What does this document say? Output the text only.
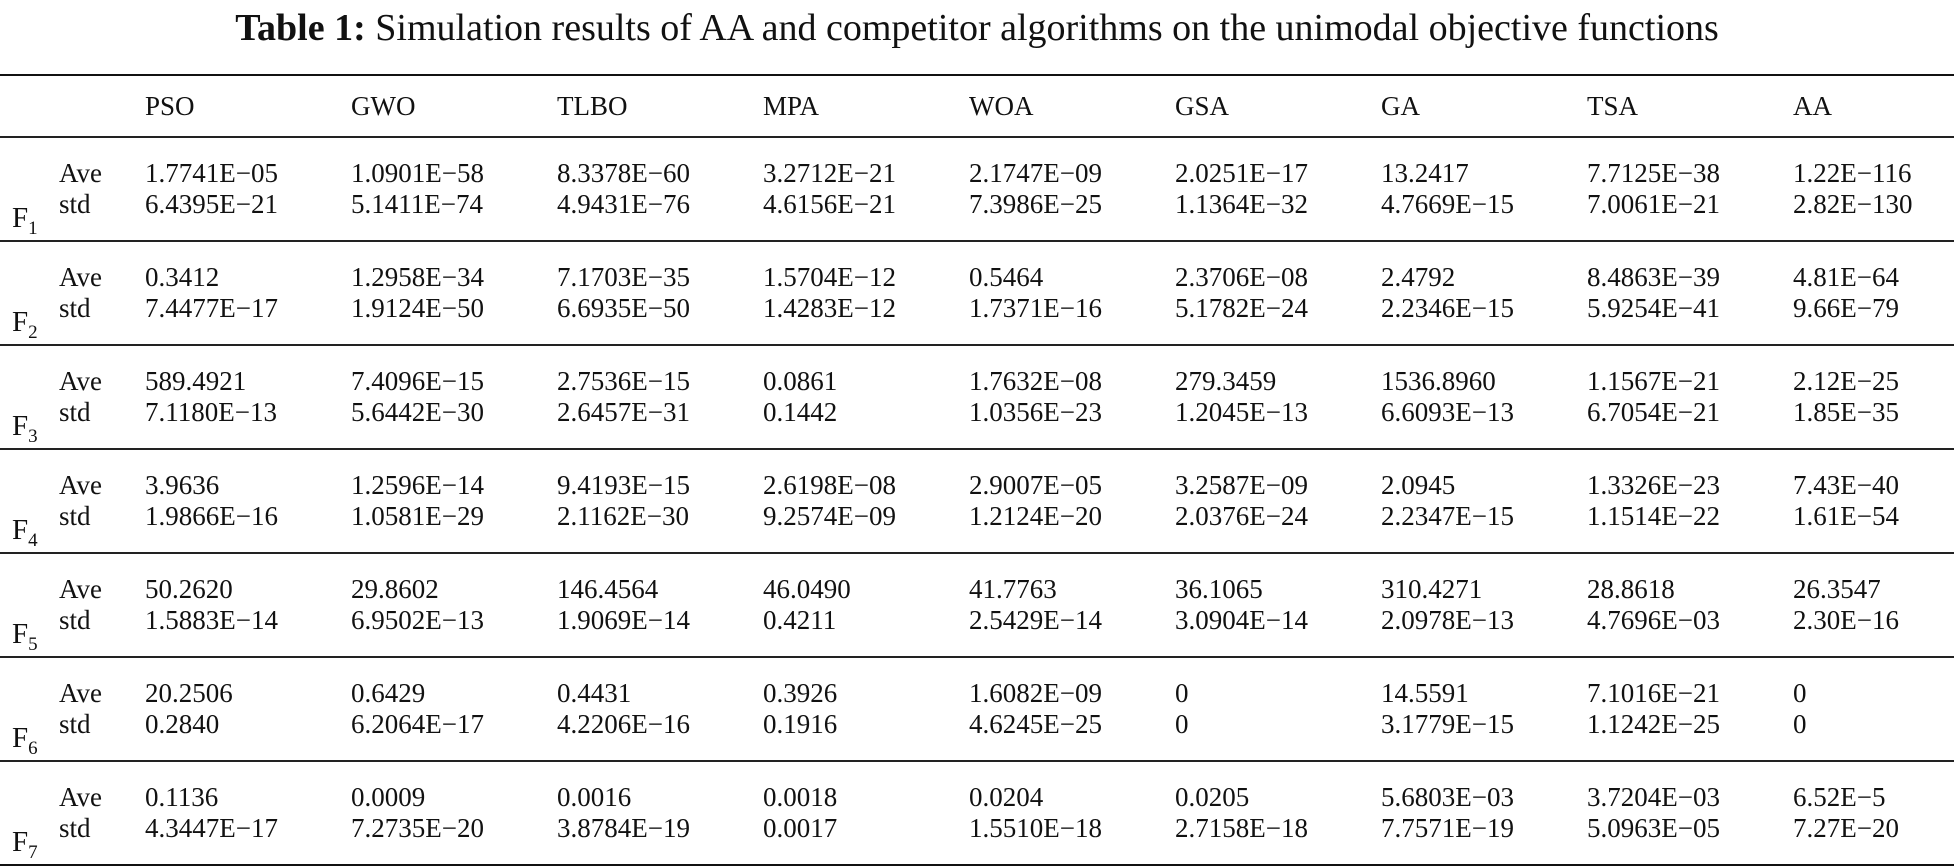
Table 1: Simulation results of AA and competitor algorithms on the unimodal objective functions
		PSO	GWO	TLBO	MPA	WOA	GSA	GA	TSA	AA
$F_1$	Ave	1.7741E−05	1.0901E−58	8.3378E−60	3.2712E−21	2.1747E−09	2.0251E−17	13.2417	7.7125E−38	1.22E−116
	std	6.4395E−21	5.1411E−74	4.9431E−76	4.6156E−21	7.3986E−25	1.1364E−32	4.7669E−15	7.0061E−21	2.82E−130
$F_2$	Ave	0.3412	1.2958E−34	7.1703E−35	1.5704E−12	0.5464	2.3706E−08	2.4792	8.4863E−39	4.81E−64
	std	7.4477E−17	1.9124E−50	6.6935E−50	1.4283E−12	1.7371E−16	5.1782E−24	2.2346E−15	5.9254E−41	9.66E−79
$F_3$	Ave	589.4921	7.4096E−15	2.7536E−15	0.0861	1.7632E−08	279.3459	1536.8960	1.1567E−21	2.12E−25
	std	7.1180E−13	5.6442E−30	2.6457E−31	0.1442	1.0356E−23	1.2045E−13	6.6093E−13	6.7054E−21	1.85E−35
$F_4$	Ave	3.9636	1.2596E−14	9.4193E−15	2.6198E−08	2.9007E−05	3.2587E−09	2.0945	1.3326E−23	7.43E−40
	std	1.9866E−16	1.0581E−29	2.1162E−30	9.2574E−09	1.2124E−20	2.0376E−24	2.2347E−15	1.1514E−22	1.61E−54
$F_5$	Ave	50.2620	29.8602	146.4564	46.0490	41.7763	36.1065	310.4271	28.8618	26.3547
	std	1.5883E−14	6.9502E−13	1.9069E−14	0.4211	2.5429E−14	3.0904E−14	2.0978E−13	4.7696E−03	2.30E−16
$F_6$	Ave	20.2506	0.6429	0.4431	0.3926	1.6082E−09	0	14.5591	7.1016E−21	0
	std	0.2840	6.2064E−17	4.2206E−16	0.1916	4.6245E−25	0	3.1779E−15	1.1242E−25	0
$F_7$	Ave	0.1136	0.0009	0.0016	0.0018	0.0204	0.0205	5.6803E−03	3.7204E−03	6.52E−5
	std	4.3447E−17	7.2735E−20	3.8784E−19	0.0017	1.5510E−18	2.7158E−18	7.7571E−19	5.0963E−05	7.27E−20
